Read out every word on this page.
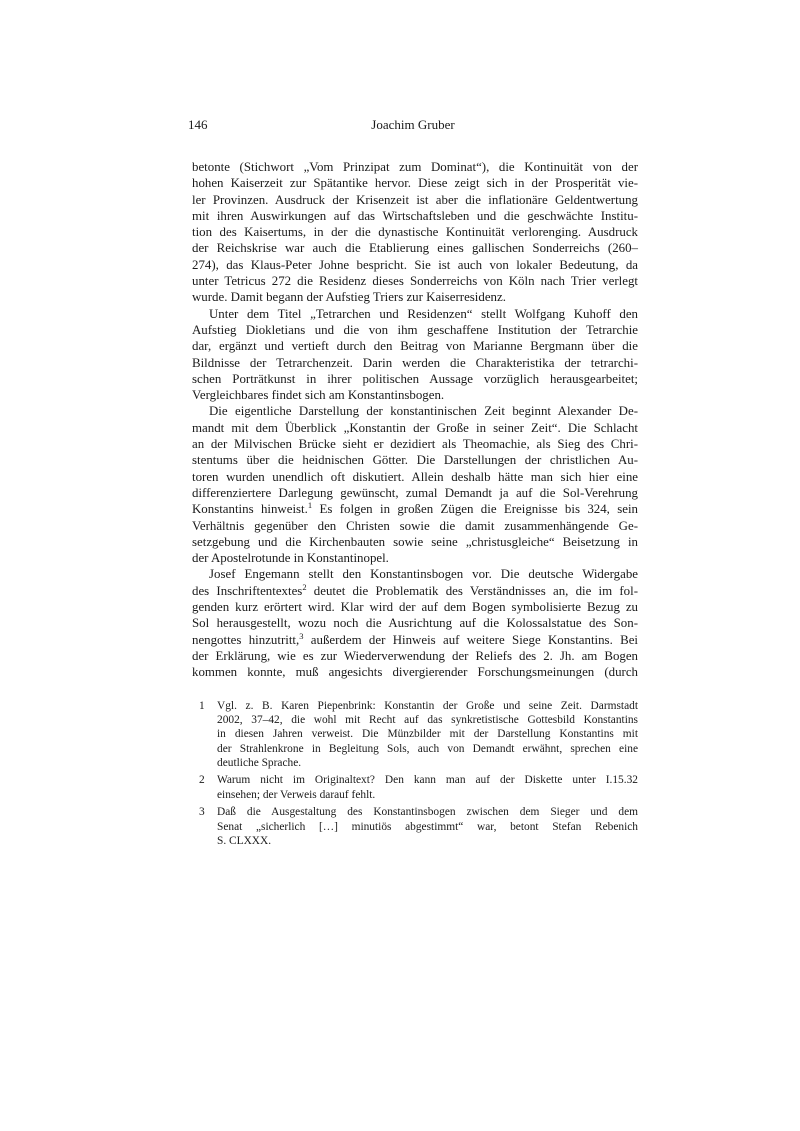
146	Joachim Gruber
betonte (Stichwort „Vom Prinzipat zum Dominat“), die Kontinuität von der
hohen Kaiserzeit zur Spätantike hervor. Diese zeigt sich in der Prosperität vie-
ler Provinzen. Ausdruck der Krisenzeit ist aber die inflationäre Geldentwertung
mit ihren Auswirkungen auf das Wirtschaftsleben und die geschwächte Institu-
tion des Kaisertums, in der die dynastische Kontinuität verlorenging. Ausdruck
der Reichskrise war auch die Etablierung eines gallischen Sonderreichs (260–
274), das Klaus-Peter Johne bespricht. Sie ist auch von lokaler Bedeutung, da
unter Tetricus 272 die Residenz dieses Sonderreichs von Köln nach Trier verlegt
wurde. Damit begann der Aufstieg Triers zur Kaiserresidenz.
Unter dem Titel „Tetrarchen und Residenzen“ stellt Wolfgang Kuhoff den
Aufstieg Diokletians und die von ihm geschaffene Institution der Tetrarchie
dar, ergänzt und vertieft durch den Beitrag von Marianne Bergmann über die
Bildnisse der Tetrarchenzeit. Darin werden die Charakteristika der tetrarchi-
schen Porträtkunst in ihrer politischen Aussage vorzüglich herausgearbeitet;
Vergleichbares findet sich am Konstantinsbogen.
Die eigentliche Darstellung der konstantinischen Zeit beginnt Alexander De-
mandt mit dem Überblick „Konstantin der Große in seiner Zeit“. Die Schlacht
an der Milvischen Brücke sieht er dezidiert als Theomachie, als Sieg des Chri-
stentums über die heidnischen Götter. Die Darstellungen der christlichen Au-
toren wurden unendlich oft diskutiert. Allein deshalb hätte man sich hier eine
differenziertere Darlegung gewünscht, zumal Demandt ja auf die Sol-Verehrung
Konstantins hinweist.$^1$ Es folgen in großen Zügen die Ereignisse bis 324, sein
Verhältnis gegenüber den Christen sowie die damit zusammenhängende Ge-
setzgebung und die Kirchenbauten sowie seine „christusgleiche“ Beisetzung in
der Apostelrotunde in Konstantinopel.
Josef Engemann stellt den Konstantinsbogen vor. Die deutsche Widergabe
des Inschriftentextes$^2$ deutet die Problematik des Verständnisses an, die im fol-
genden kurz erörtert wird. Klar wird der auf dem Bogen symbolisierte Bezug zu
Sol herausgestellt, wozu noch die Ausrichtung auf die Kolossalstatue des Son-
nengottes hinzutritt,$^3$ außerdem der Hinweis auf weitere Siege Konstantins. Bei
der Erklärung, wie es zur Wiederverwendung der Reliefs des 2. Jh. am Bogen
kommen konnte, muß angesichts divergierender Forschungsmeinungen (durch
1 Vgl. z. B. Karen Piepenbrink: Konstantin der Große und seine Zeit. Darmstadt
2002, 37–42, die wohl mit Recht auf das synkretistische Gottesbild Konstantins
in diesen Jahren verweist. Die Münzbilder mit der Darstellung Konstantins mit
der Strahlenkrone in Begleitung Sols, auch von Demandt erwähnt, sprechen eine
deutliche Sprache.
2 Warum nicht im Originaltext? Den kann man auf der Diskette unter I.15.32
einsehen; der Verweis darauf fehlt.
3 Daß die Ausgestaltung des Konstantinsbogen zwischen dem Sieger und dem
Senat „sicherlich […] minutiös abgestimmt“ war, betont Stefan Rebenich
S. CLXXX.
